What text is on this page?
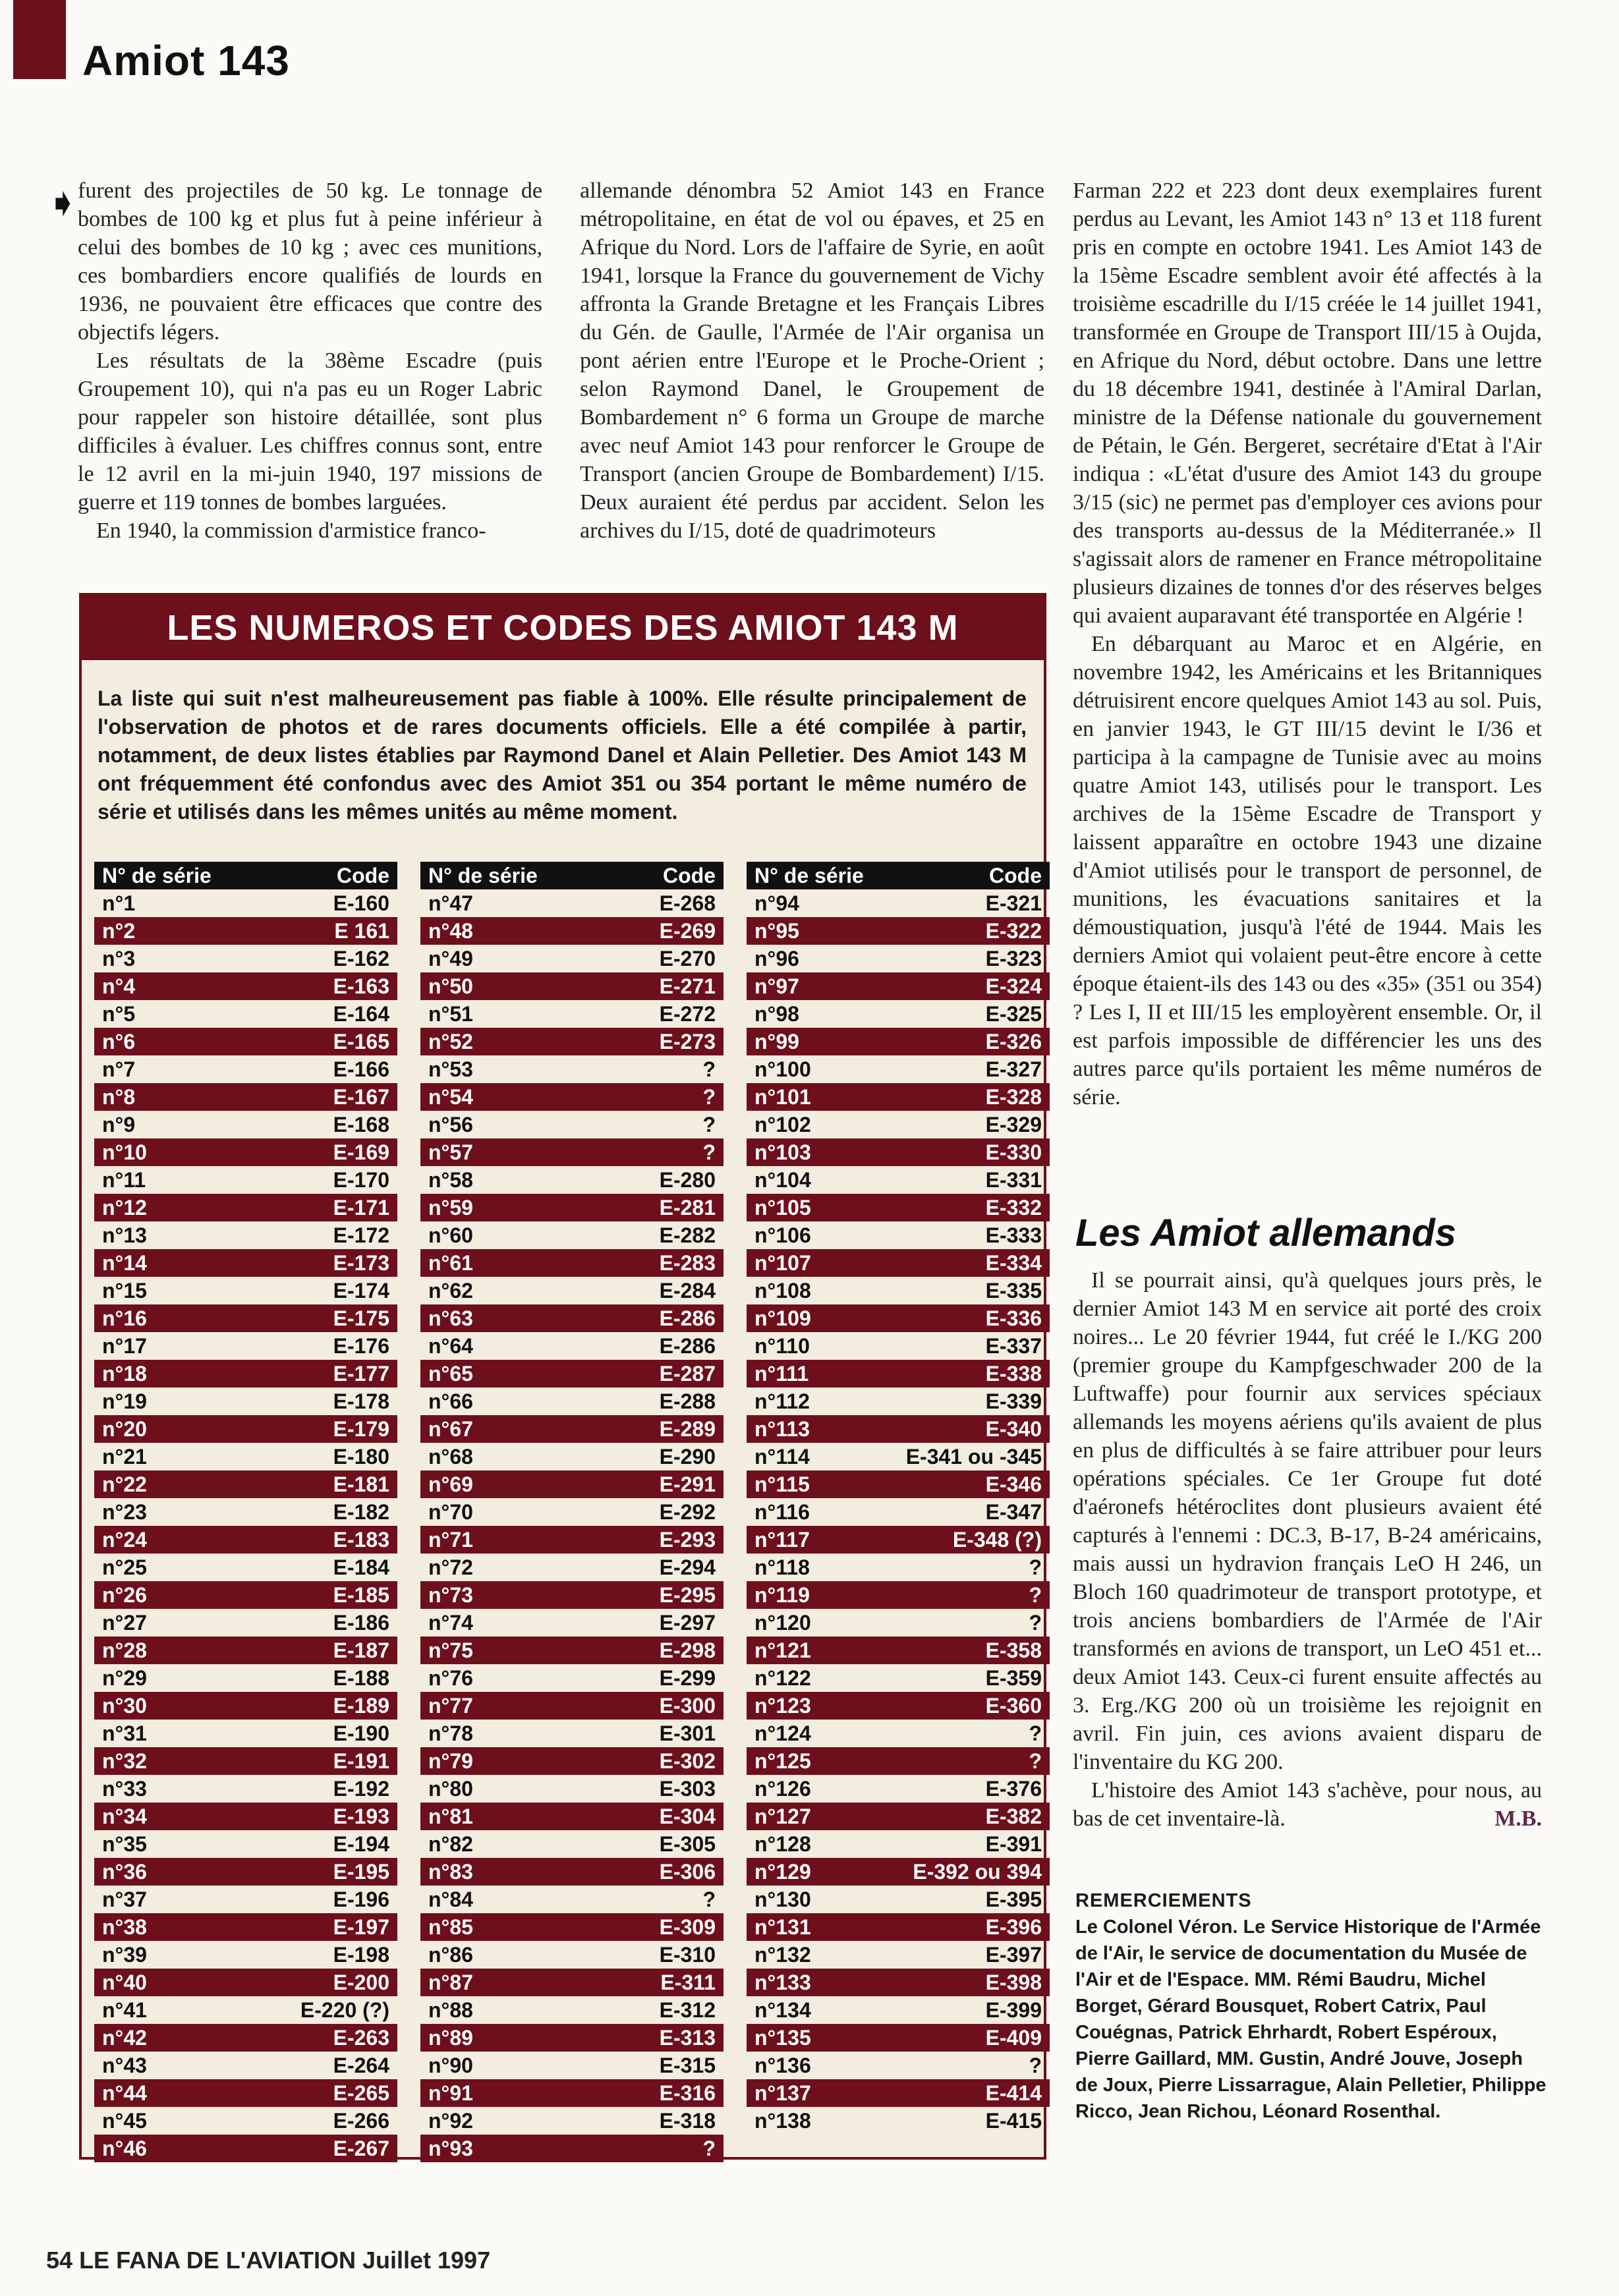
Amiot 143
➧

furent des projectiles de 50 kg. Le tonnage de bombes de 100 kg et plus fut à peine inférieur à celui des bombes de 10 kg ; avec ces munitions, ces bombardiers encore qualifiés de lourds en 1936, ne pouvaient être efficaces que contre des objectifs légers.

Les résultats de la 38ème Escadre (puis Groupement 10), qui n'a pas eu un Roger Labric pour rappeler son histoire détaillée, sont plus difficiles à évaluer. Les chiffres connus sont, entre le 12 avril en la mi-juin 1940, 197 missions de guerre et 119 tonnes de bombes larguées.

En 1940, la commission d'armistice franco-

allemande dénombra 52 Amiot 143 en France métropolitaine, en état de vol ou épaves, et 25 en Afrique du Nord. Lors de l'affaire de Syrie, en août 1941, lorsque la France du gouvernement de Vichy affronta la Grande Bretagne et les Français Libres du Gén. de Gaulle, l'Armée de l'Air organisa un pont aérien entre l'Europe et le Proche-Orient ; selon Raymond Danel, le Groupement de Bombardement n° 6 forma un Groupe de marche avec neuf Amiot 143 pour renforcer le Groupe de Transport (ancien Groupe de Bombardement) I/15. Deux auraient été perdus par accident. Selon les archives du I/15, doté de quadrimoteurs

Farman 222 et 223 dont deux exemplaires furent perdus au Levant, les Amiot 143 n° 13 et 118 furent pris en compte en octobre 1941. Les Amiot 143 de la 15ème Escadre semblent avoir été affectés à la troisième escadrille du I/15 créée le 14 juillet 1941, transformée en Groupe de Transport III/15 à Oujda, en Afrique du Nord, début octobre. Dans une lettre du 18 décembre 1941, destinée à l'Amiral Darlan, ministre de la Défense nationale du gouvernement de Pétain, le Gén. Bergeret, secrétaire d'Etat à l'Air indiqua : «L'état d'usure des Amiot 143 du groupe 3/15 (sic) ne permet pas d'employer ces avions pour des transports au-dessus de la Méditerranée.» Il s'agissait alors de ramener en France métropolitaine plusieurs dizaines de tonnes d'or des réserves belges qui avaient auparavant été transportée en Algérie !

En débarquant au Maroc et en Algérie, en novembre 1942, les Américains et les Britanniques détruisirent encore quelques Amiot 143 au sol. Puis, en janvier 1943, le GT III/15 devint le I/36 et participa à la campagne de Tunisie avec au moins quatre Amiot 143, utilisés pour le transport. Les archives de la 15ème Escadre de Transport y laissent apparaître en octobre 1943 une dizaine d'Amiot utilisés pour le transport de personnel, de munitions, les évacuations sanitaires et la démoustiquation, jusqu'à l'été de 1944. Mais les derniers Amiot qui volaient peut-être encore à cette époque étaient-ils des 143 ou des «35» (351 ou 354) ? Les I, II et III/15 les employèrent ensemble. Or, il est parfois impossible de différencier les uns des autres parce qu'ils portaient les même numéros de série.

Les Amiot allemands

Il se pourrait ainsi, qu'à quelques jours près, le dernier Amiot 143 M en service ait porté des croix noires... Le 20 février 1944, fut créé le I./KG 200 (premier groupe du Kampfgeschwader 200 de la Luftwaffe) pour fournir aux services spéciaux allemands les moyens aériens qu'ils avaient de plus en plus de difficultés à se faire attribuer pour leurs opérations spéciales. Ce 1er Groupe fut doté d'aéronefs hétéroclites dont plusieurs avaient été capturés à l'ennemi : DC.3, B-17, B-24 américains, mais aussi un hydravion français LeO H 246, un Bloch 160 quadrimoteur de transport prototype, et trois anciens bombardiers de l'Armée de l'Air transformés en avions de transport, un LeO 451 et... deux Amiot 143. Ceux-ci furent ensuite affectés au 3. Erg./KG 200 où un troisième les rejoignit en avril. Fin juin, ces avions avaient disparu de l'inventaire du KG 200.

L'histoire des Amiot 143 s'achève, pour nous, au bas de cet inventaire-là.	M.B.

REMERCIEMENTS
Le Colonel Véron. Le Service Historique de l'Armée de l'Air, le service de documentation du Musée de l'Air et de l'Espace. MM. Rémi Baudru, Michel Borget, Gérard Bousquet, Robert Catrix, Paul Couégnas, Patrick Ehrhardt, Robert Espéroux, Pierre Gaillard, MM. Gustin, André Jouve, Joseph de Joux, Pierre Lissarrague, Alain Pelletier, Philippe Ricco, Jean Richou, Léonard Rosenthal.
LES NUMEROS ET CODES DES AMIOT 143 M
La liste qui suit n'est malheureusement pas fiable à 100%. Elle résulte principalement de l'observation de photos et de rares documents officiels. Elle a été compilée à partir, notamment, de deux listes établies par Raymond Danel et Alain Pelletier. Des Amiot 143 M ont fréquemment été confondus avec des Amiot 351 ou 354 portant le même numéro de série et utilisés dans les mêmes unités au même moment.
N° de série	Code
n°1	E-160
n°2	E 161
n°3	E-162
n°4	E-163
n°5	E-164
n°6	E-165
n°7	E-166
n°8	E-167
n°9	E-168
n°10	E-169
n°11	E-170
n°12	E-171
n°13	E-172
n°14	E-173
n°15	E-174
n°16	E-175
n°17	E-176
n°18	E-177
n°19	E-178
n°20	E-179
n°21	E-180
n°22	E-181
n°23	E-182
n°24	E-183
n°25	E-184
n°26	E-185
n°27	E-186
n°28	E-187
n°29	E-188
n°30	E-189
n°31	E-190
n°32	E-191
n°33	E-192
n°34	E-193
n°35	E-194
n°36	E-195
n°37	E-196
n°38	E-197
n°39	E-198
n°40	E-200
n°41	E-220 (?)
n°42	E-263
n°43	E-264
n°44	E-265
n°45	E-266
n°46	E-267
N° de série	Code
n°47	E-268
n°48	E-269
n°49	E-270
n°50	E-271
n°51	E-272
n°52	E-273
n°53	?
n°54	?
n°56	?
n°57	?
n°58	E-280
n°59	E-281
n°60	E-282
n°61	E-283
n°62	E-284
n°63	E-286
n°64	E-286
n°65	E-287
n°66	E-288
n°67	E-289
n°68	E-290
n°69	E-291
n°70	E-292
n°71	E-293
n°72	E-294
n°73	E-295
n°74	E-297
n°75	E-298
n°76	E-299
n°77	E-300
n°78	E-301
n°79	E-302
n°80	E-303
n°81	E-304
n°82	E-305
n°83	E-306
n°84	?
n°85	E-309
n°86	E-310
n°87	E-311
n°88	E-312
n°89	E-313
n°90	E-315
n°91	E-316
n°92	E-318
n°93	?
N° de série	Code
n°94	E-321
n°95	E-322
n°96	E-323
n°97	E-324
n°98	E-325
n°99	E-326
n°100	E-327
n°101	E-328
n°102	E-329
n°103	E-330
n°104	E-331
n°105	E-332
n°106	E-333
n°107	E-334
n°108	E-335
n°109	E-336
n°110	E-337
n°111	E-338
n°112	E-339
n°113	E-340
n°114	E-341 ou -345
n°115	E-346
n°116	E-347
n°117	E-348 (?)
n°118	?
n°119	?
n°120	?
n°121	E-358
n°122	E-359
n°123	E-360
n°124	?
n°125	?
n°126	E-376
n°127	E-382
n°128	E-391
n°129	E-392 ou 394
n°130	E-395
n°131	E-396
n°132	E-397
n°133	E-398
n°134	E-399
n°135	E-409
n°136	?
n°137	E-414
n°138	E-415
54 LE FANA DE L'AVIATION Juillet 1997
